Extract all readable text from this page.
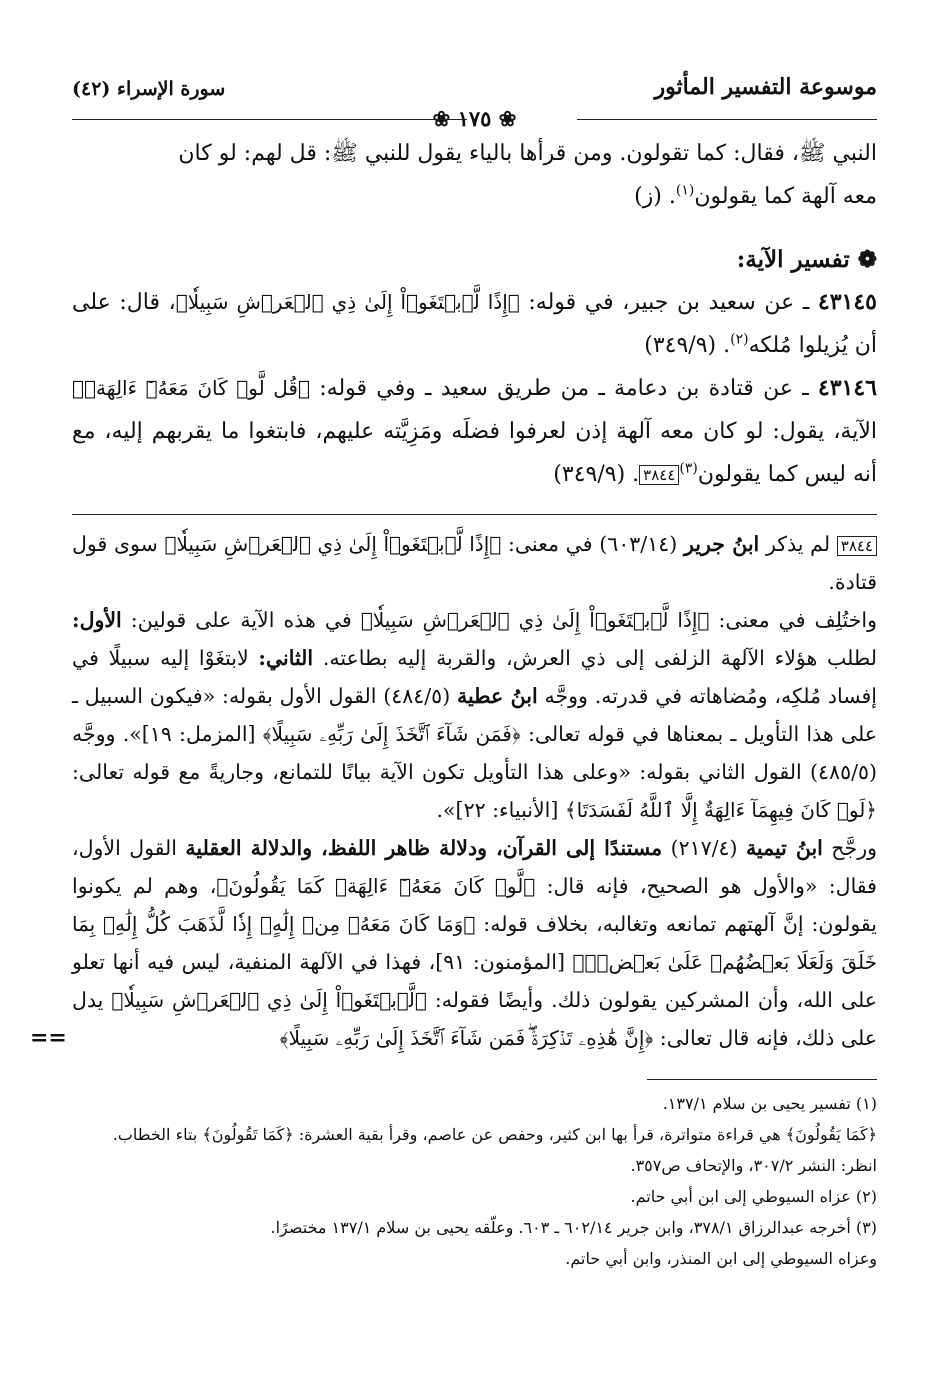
موسوعة التفسير المأثور
سورة الإسراء (٤٢)
❀ ١٧٥ ❀

النبي ﷺ، فقال: كما تقولون. ومن قرأها بالياء يقول للنبي ﷺ: قل لهم: لو كان

معه آلهة كما يقولون$^{(١)}$. (ز)

❁ تفسير الآية:

٤٣١٤٥ ـ عن سعيد بن جبير، في قوله: ﴿إِذًا لَّٱبۡتَغَوۡاْ إِلَىٰ ذِي ٱلۡعَرۡشِ سَبِيلٗا﴾، قال: على أن يُزيلوا مُلكه$^{(٢)}$. (٣٤٩/٩)

٤٣١٤٦ ـ عن قتادة بن دعامة ـ من طريق سعيد ـ وفي قوله: ﴿قُل لَّوۡ كَانَ مَعَهُۥٓ ءَالِهَةٞ﴾ الآية، يقول: لو كان معه آلهة إذن لعرفوا فضلَه ومَزِيَّته عليهم، فابتغوا ما يقربهم إليه، مع أنه ليس كما يقولون$^{(٣)}$٣٨٤٤. (٣٤٩/٩)

٣٨٤٤ لم يذكر ابنُ جرير (٦٠٣/١٤) في معنى: ﴿إِذًا لَّٱبۡتَغَوۡاْ إِلَىٰ ذِي ٱلۡعَرۡشِ سَبِيلٗا﴾ سوى قول قتادة.

واختُلِف في معنى: ﴿إِذًا لَّٱبۡتَغَوۡاْ إِلَىٰ ذِي ٱلۡعَرۡشِ سَبِيلٗا﴾ في هذه الآية على قولين: الأول: لطلب هؤلاء الآلهة الزلفى إلى ذي العرش، والقربة إليه بطاعته. الثاني: لابتغَوْا إليه سبيلًا في إفساد مُلكِه، ومُضاهاته في قدرته. ووجَّه ابنُ عطية (٤٨٤/٥) القول الأول بقوله: «فيكون السبيل ـ على هذا التأويل ـ بمعناها في قوله تعالى: ﴿فَمَن شَآءَ ٱتَّخَذَ إِلَىٰ رَبِّهِۦ سَبِيلًا﴾ [المزمل: ١٩]». ووجَّه (٤٨٥/٥) القول الثاني بقوله: «وعلى هذا التأويل تكون الآية بيانًا للتمانع، وجاريةً مع قوله تعالى: ﴿لَوۡ كَانَ فِيهِمَآ ءَالِهَةٌ إِلَّا ٱللَّهُ لَفَسَدَتَا﴾ [الأنبياء: ٢٢]».

ورجَّح ابنُ تيمية (٢١٧/٤) مستندًا إلى القرآن، ودلالة ظاهر اللفظ، والدلالة العقلية القول الأول، فقال: «والأول هو الصحيح، فإنه قال: ﴿لَّوۡ كَانَ مَعَهُۥٓ ءَالِهَةٞ كَمَا يَقُولُونَ﴾، وهم لم يكونوا يقولون: إنَّ آلهتهم تمانعه وتغالبه، بخلاف قوله: ﴿وَمَا كَانَ مَعَهُۥ مِنۡ إِلَٰهٍۚ إِذٗا لَّذَهَبَ كُلُّ إِلَٰهِۢ بِمَا خَلَقَ وَلَعَلَا بَعۡضُهُمۡ عَلَىٰ بَعۡضٖۚ﴾ [المؤمنون: ٩١]، فهذا في الآلهة المنفية، ليس فيه أنها تعلو على الله، وأن المشركين يقولون ذلك. وأيضًا فقوله: ﴿لَّٱبۡتَغَوۡاْ إِلَىٰ ذِي ٱلۡعَرۡشِ سَبِيلٗا﴾ يدل على ذلك، فإنه قال تعالى: ﴿إِنَّ هَٰذِهِۦ تَذۡكِرَةٞۖ فَمَن شَآءَ ٱتَّخَذَ إِلَىٰ رَبِّهِۦ سَبِيلًا﴾
==

(١) تفسير يحيى بن سلام ١٣٧/١.

﴿كَمَا يَقُولُونَ﴾ هي قراءة متواترة، قرأ بها ابن كثير، وحفص عن عاصم، وقرأ بقية العشرة: ﴿كَمَا تَقُولُونَ﴾ بتاء الخطاب. انظر: النشر ٣٠٧/٢، والإتحاف ص٣٥٧.

(٢) عزاه السيوطي إلى ابن أبي حاتم.

(٣) أخرجه عبدالرزاق ٣٧٨/١، وابن جرير ٦٠٢/١٤ ـ ٦٠٣. وعلّقه يحيى بن سلام ١٣٧/١ مختصرًا.

وعزاه السيوطي إلى ابن المنذر، وابن أبي حاتم.
